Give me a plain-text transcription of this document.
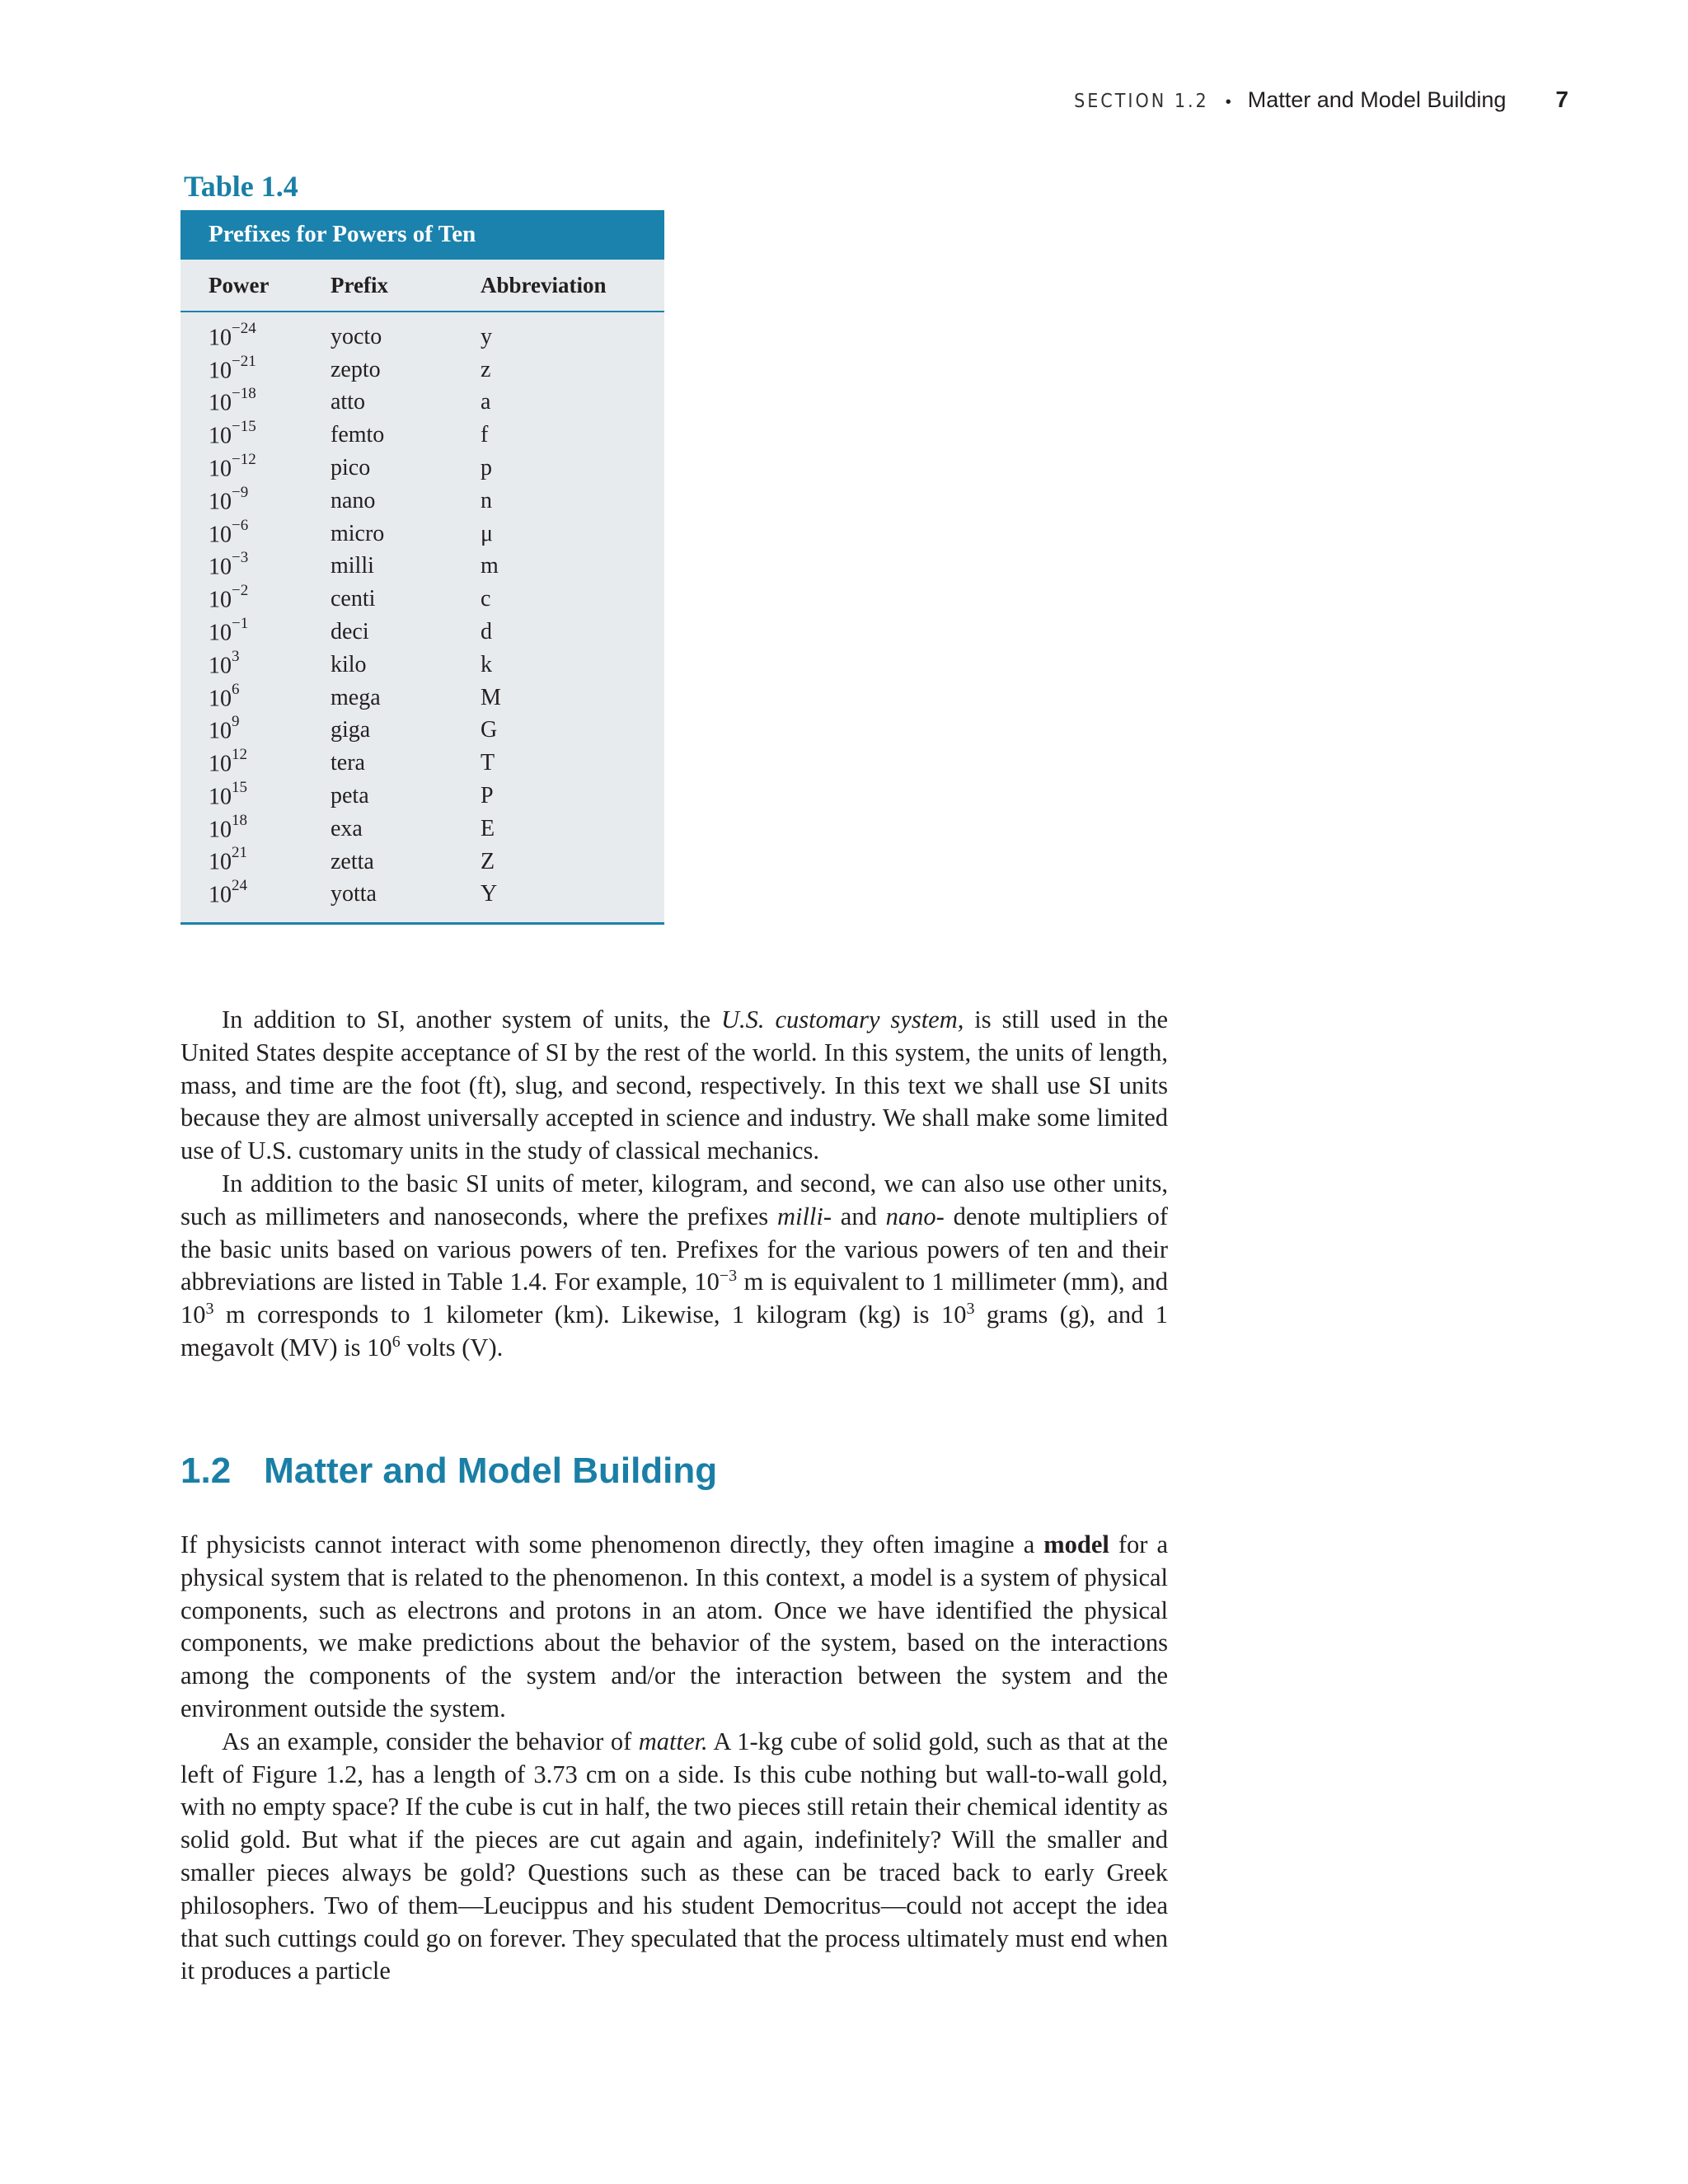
SECTION 1.2 • Matter and Model Building 7
Table 1.4
Prefixes for Powers of Ten
Power	Prefix	Abbreviation
$10^{-24}$	yocto	y
$10^{-21}$	zepto	z
$10^{-18}$	atto	a
$10^{-15}$	femto	f
$10^{-12}$	pico	p
$10^{-9}$	nano	n
$10^{-6}$	micro	μ
$10^{-3}$	milli	m
$10^{-2}$	centi	c
$10^{-1}$	deci	d
$10^3$	kilo	k
$10^6$	mega	M
$10^9$	giga	G
$10^{12}$	tera	T
$10^{15}$	peta	P
$10^{18}$	exa	E
$10^{21}$	zetta	Z
$10^{24}$	yotta	Y

In addition to SI, another system of units, the U.S. customary system, is still used in the United States despite acceptance of SI by the rest of the world. In this system, the units of length, mass, and time are the foot (ft), slug, and second, respectively. In this text we shall use SI units because they are almost universally accepted in science and industry. We shall make some limited use of U.S. customary units in the study of classical mechanics.

In addition to the basic SI units of meter, kilogram, and second, we can also use other units, such as millimeters and nanoseconds, where the prefixes milli- and nano- denote multipliers of the basic units based on various powers of ten. Prefixes for the various powers of ten and their abbreviations are listed in Table 1.4. For example, $10^{-3}$ m is equivalent to 1 millimeter (mm), and $10^3$ m corresponds to 1 kilometer (km). Likewise, 1 kilogram (kg) is $10^3$ grams (g), and 1 megavolt (MV) is $10^6$ volts (V).

1.2 Matter and Model Building

If physicists cannot interact with some phenomenon directly, they often imagine a model for a physical system that is related to the phenomenon. In this context, a model is a system of physical components, such as electrons and protons in an atom. Once we have identified the physical components, we make predictions about the behavior of the system, based on the interactions among the components of the system and/or the interaction between the system and the environment outside the system.

As an example, consider the behavior of matter. A 1-kg cube of solid gold, such as that at the left of Figure 1.2, has a length of 3.73 cm on a side. Is this cube nothing but wall-to-wall gold, with no empty space? If the cube is cut in half, the two pieces still retain their chemical identity as solid gold. But what if the pieces are cut again and again, indefinitely? Will the smaller and smaller pieces always be gold? Questions such as these can be traced back to early Greek philosophers. Two of them—Leucippus and his student Democritus—could not accept the idea that such cuttings could go on forever. They speculated that the process ultimately must end when it produces a particle
